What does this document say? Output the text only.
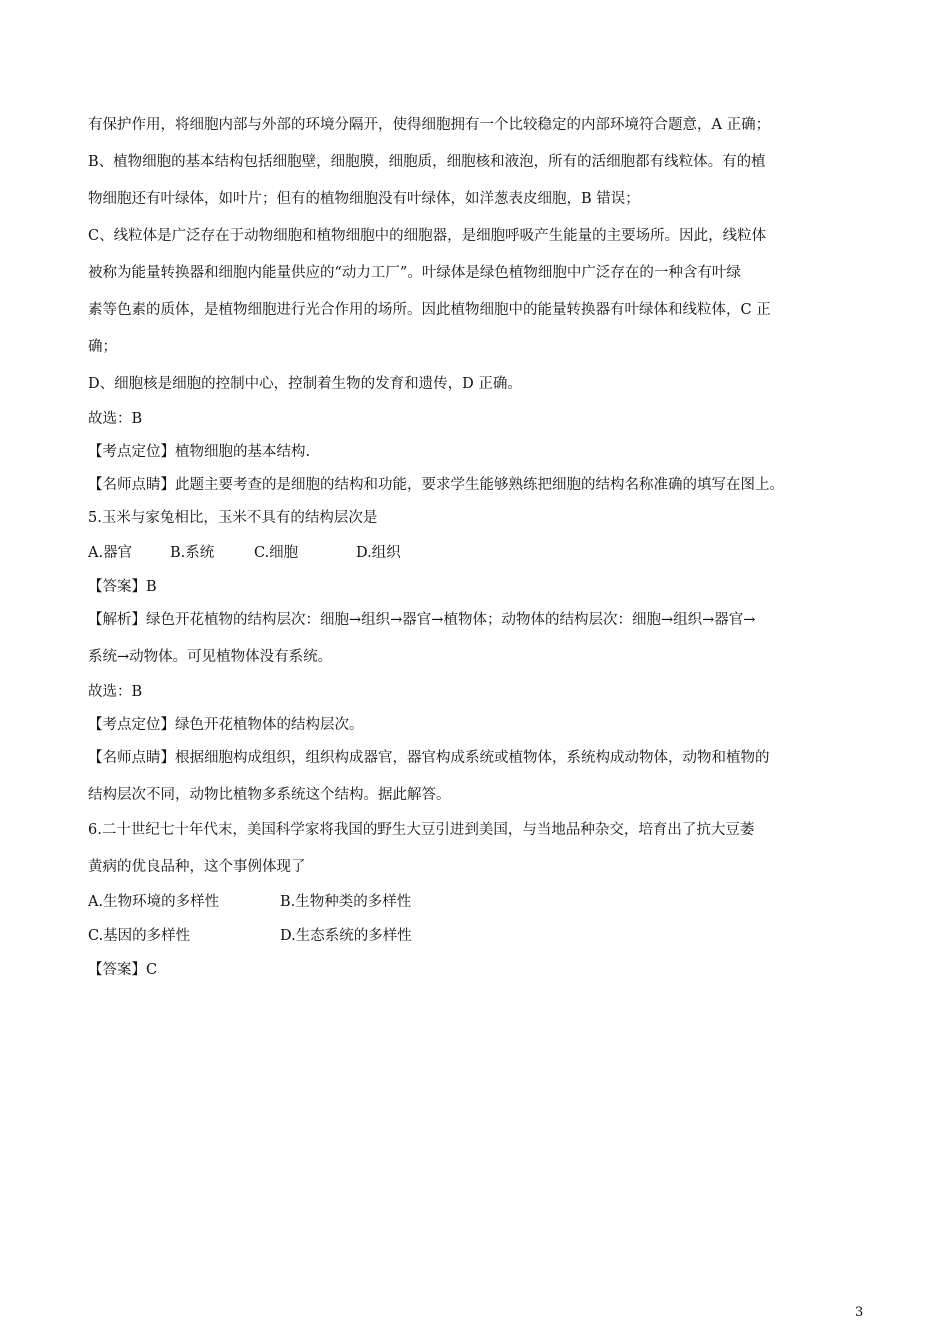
有保护作用，将细胞内部与外部的环境分隔开，使得细胞拥有一个比较稳定的内部环境符合题意，A 正确；
B、植物细胞的基本结构包括细胞壁，细胞膜，细胞质，细胞核和液泡，所有的活细胞都有线粒体。有的植
物细胞还有叶绿体，如叶片；但有的植物细胞没有叶绿体，如洋葱表皮细胞，B 错误；
C、线粒体是广泛存在于动物细胞和植物细胞中的细胞器，是细胞呼吸产生能量的主要场所。因此，线粒体
被称为能量转换器和细胞内能量供应的“动力工厂”。叶绿体是绿色植物细胞中广泛存在的一种含有叶绿
素等色素的质体，是植物细胞进行光合作用的场所。因此植物细胞中的能量转换器有叶绿体和线粒体，C 正
确；
D、细胞核是细胞的控制中心，控制着生物的发育和遗传，D 正确。
故选：B
【考点定位】植物细胞的基本结构.
【名师点睛】此题主要考查的是细胞的结构和功能，要求学生能够熟练把细胞的结构名称准确的填写在图上。
5.玉米与家兔相比，玉米不具有的结构层次是
A.器官	B.系统	C.细胞	D.组织
【答案】B
【解析】绿色开花植物的结构层次：细胞→组织→器官→植物体；动物体的结构层次：细胞→组织→器官→
系统→动物体。可见植物体没有系统。
故选：B
【考点定位】绿色开花植物体的结构层次。
【名师点睛】根据细胞构成组织，组织构成器官，器官构成系统或植物体，系统构成动物体，动物和植物的
结构层次不同，动物比植物多系统这个结构。据此解答。
6.二十世纪七十年代末，美国科学家将我国的野生大豆引进到美国，与当地品种杂交，培育出了抗大豆萎
黄病的优良品种，这个事例体现了
A.生物环境的多样性	B.生物种类的多样性
C.基因的多样性	D.生态系统的多样性
【答案】C
3
